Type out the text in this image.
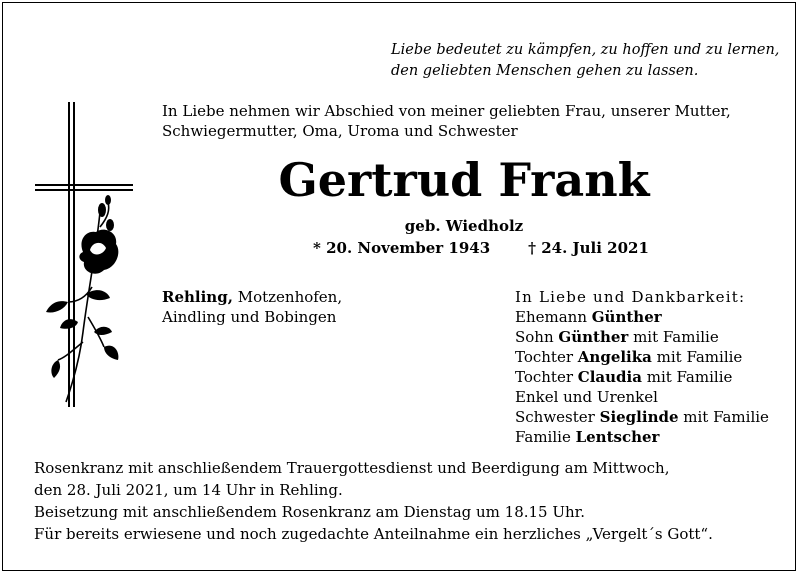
Liebe bedeutet zu kämpfen, zu hoffen und zu lernen,
den geliebten Menschen gehen zu lassen.
In Liebe nehmen wir Abschied von meiner geliebten Frau, unserer Mutter,
Schwiegermutter, Oma, Uroma und Schwester
Gertrud Frank
geb. Wiedholz
* 20. November 1943	† 24. Juli 2021
Rehling, Motzenhofen,
Aindling und Bobingen
In Liebe und Dankbarkeit:
Ehemann Günther
Sohn Günther mit Familie
Tochter Angelika mit Familie
Tochter Claudia mit Familie
Enkel und Urenkel
Schwester Sieglinde mit Familie
Familie Lentscher
Rosenkranz mit anschließendem Trauergottesdienst und Beerdigung am Mittwoch,
den 28. Juli 2021, um 14 Uhr in Rehling.
Beisetzung mit anschließendem Rosenkranz am Dienstag um 18.15 Uhr.
Für bereits erwiesene und noch zugedachte Anteilnahme ein herzliches „Vergelt´s Gott“.
